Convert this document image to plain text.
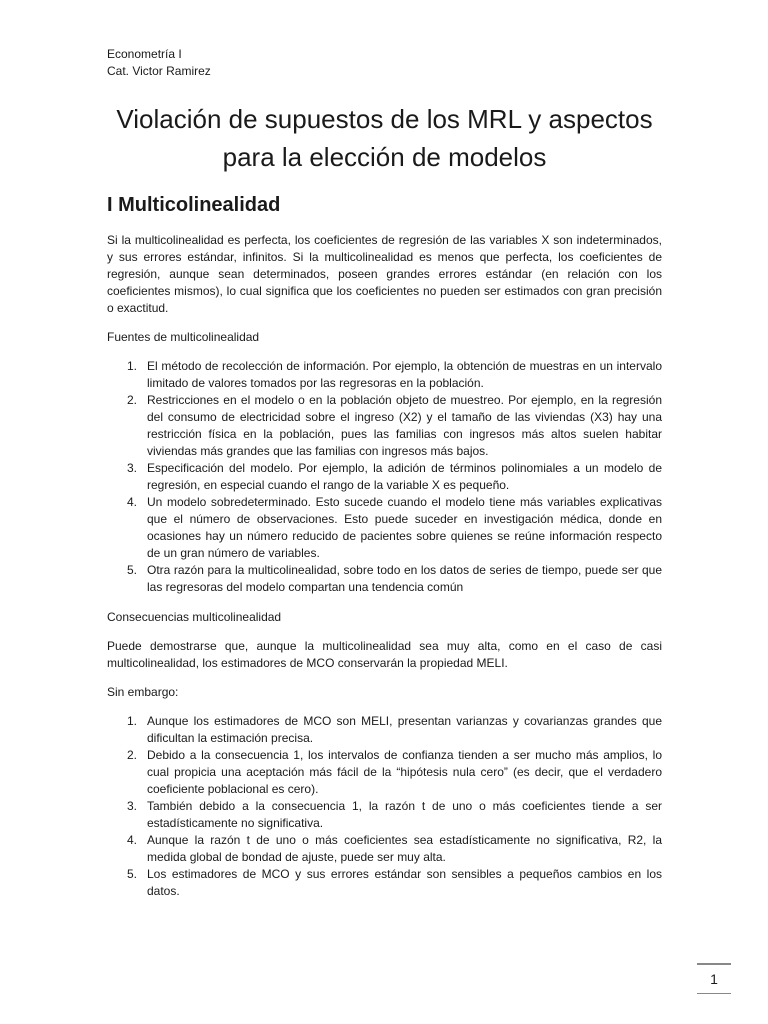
Econometría I
Cat. Victor Ramirez
Violación de supuestos de los MRL y aspectos
para la elección de modelos
I Multicolinealidad

Si la multicolinealidad es perfecta, los coeficientes de regresión de las variables X son indeterminados, y sus errores estándar, infinitos. Si la multicolinealidad es menos que perfecta, los coeficientes de regresión, aunque sean determinados, poseen grandes errores estándar (en relación con los coeficientes mismos), lo cual significa que los coeficientes no pueden ser estimados con gran precisión o exactitud.

Fuentes de multicolinealidad
1. El método de recolección de información. Por ejemplo, la obtención de muestras en un intervalo limitado de valores tomados por las regresoras en la población.
2. Restricciones en el modelo o en la población objeto de muestreo. Por ejemplo, en la regresión del consumo de electricidad sobre el ingreso (X2) y el tamaño de las viviendas (X3) hay una restricción física en la población, pues las familias con ingresos más altos suelen habitar viviendas más grandes que las familias con ingresos más bajos.
3. Especificación del modelo. Por ejemplo, la adición de términos polinomiales a un modelo de regresión, en especial cuando el rango de la variable X es pequeño.
4. Un modelo sobredeterminado. Esto sucede cuando el modelo tiene más variables explicativas que el número de observaciones. Esto puede suceder en investigación médica, donde en ocasiones hay un número reducido de pacientes sobre quienes se reúne información respecto de un gran número de variables.
5. Otra razón para la multicolinealidad, sobre todo en los datos de series de tiempo, puede ser que las regresoras del modelo compartan una tendencia común
Consecuencias multicolinealidad

Puede demostrarse que, aunque la multicolinealidad sea muy alta, como en el caso de casi multicolinealidad, los estimadores de MCO conservarán la propiedad MELI.

Sin embargo:
1. Aunque los estimadores de MCO son MELI, presentan varianzas y covarianzas grandes que dificultan la estimación precisa.
2. Debido a la consecuencia 1, los intervalos de confianza tienden a ser mucho más amplios, lo cual propicia una aceptación más fácil de la “hipótesis nula cero” (es decir, que el verdadero coeficiente poblacional es cero).
3. También debido a la consecuencia 1, la razón t de uno o más coeficientes tiende a ser estadísticamente no significativa.
4. Aunque la razón t de uno o más coeficientes sea estadísticamente no significativa, R2, la medida global de bondad de ajuste, puede ser muy alta.
5. Los estimadores de MCO y sus errores estándar son sensibles a pequeños cambios en los datos.
1
